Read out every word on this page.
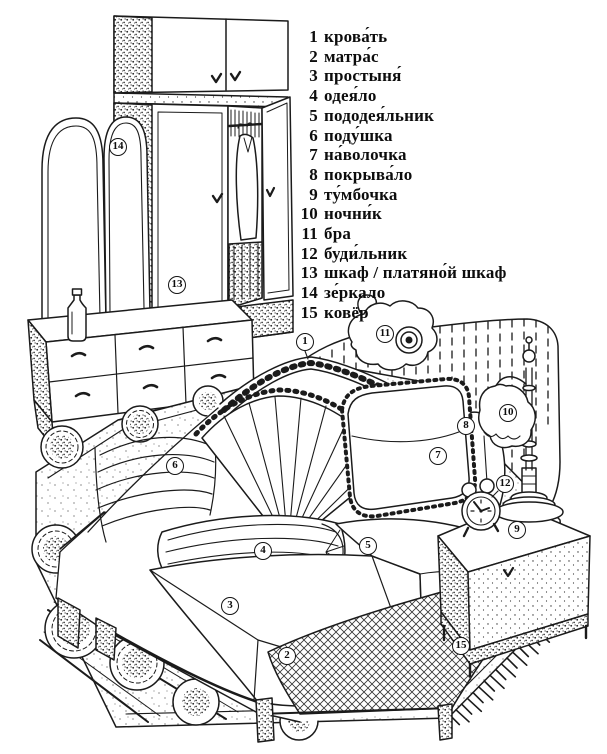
1 крова́ть
2 матра́с
3 простыня́
4 одея́ло
5 пододея́льник
6 поду́шка
7 на́волочка
8 покрыва́ло
9 ту́мбочка
10 ночни́к
11 бра
12 буди́льник
13 шкаф / платяно́й шкаф
14 зе́ркало
15 ковёр
1
2
3
4	5
6
7
8
9
10
11
12
13
14
15
